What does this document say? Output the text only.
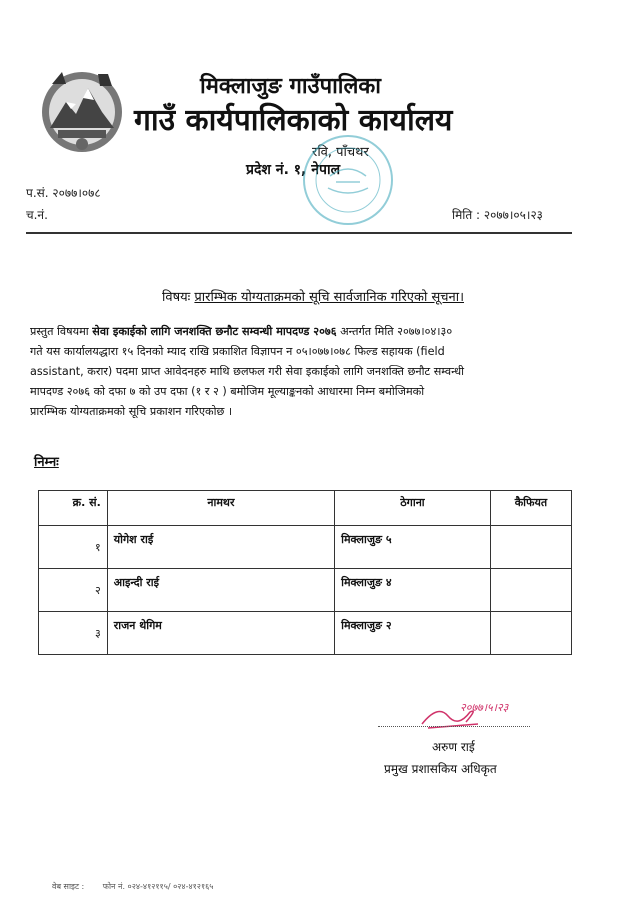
मिक्लाजुङ गाउँपालिका
गाउँ कार्यपालिकाको कार्यालय
रवि, पाँचथर
प्रदेश नं. १, नेपाल
प.सं. २०७७।०७८
च.नं.	मिति : २०७७।०५।२३
विषयः प्रारम्भिक योग्यताक्रमको सूचि सार्वजानिक गरिएको सूचना।
प्रस्तुत विषयमा सेवा इकाईको लागि जनशक्ति छनौट सम्वन्धी मापदण्ड २०७६ अन्तर्गत मिति २०७७।०४।३०
गते यस कार्यालयद्धारा १५ दिनको म्याद राखि प्रकाशित विज्ञापन न ०५।०७७।०७८ फिल्ड सहायक (field
assistant, करार) पदमा प्राप्त आवेदनहरु माथि छलफल गरी सेवा इकाईको लागि जनशक्ति छनौट सम्वन्धी
मापदण्ड २०७६ को दफा ७ को उप दफा (१ र २ ) बमोजिम मूल्याङ्कनको आधारमा निम्न बमोजिमको
प्रारम्भिक योग्यताक्रमको सूचि प्रकाशन गरिएकोछ ।
निम्नः
क्र. सं.	नामथर	ठेगाना	कैफियत
१	योगेश राई	मिक्लाजुङ ५	
२	आइन्दी राई	मिक्लाजुङ ४	
३	राजन थेगिम	मिक्लाजुङ २	
२०७७।५।२३
अरुण राई
प्रमुख प्रशासकिय अधिकृत
वेब साइट : फोन नं. ०२४-४१२११५/ ०२४-४१२१६५
